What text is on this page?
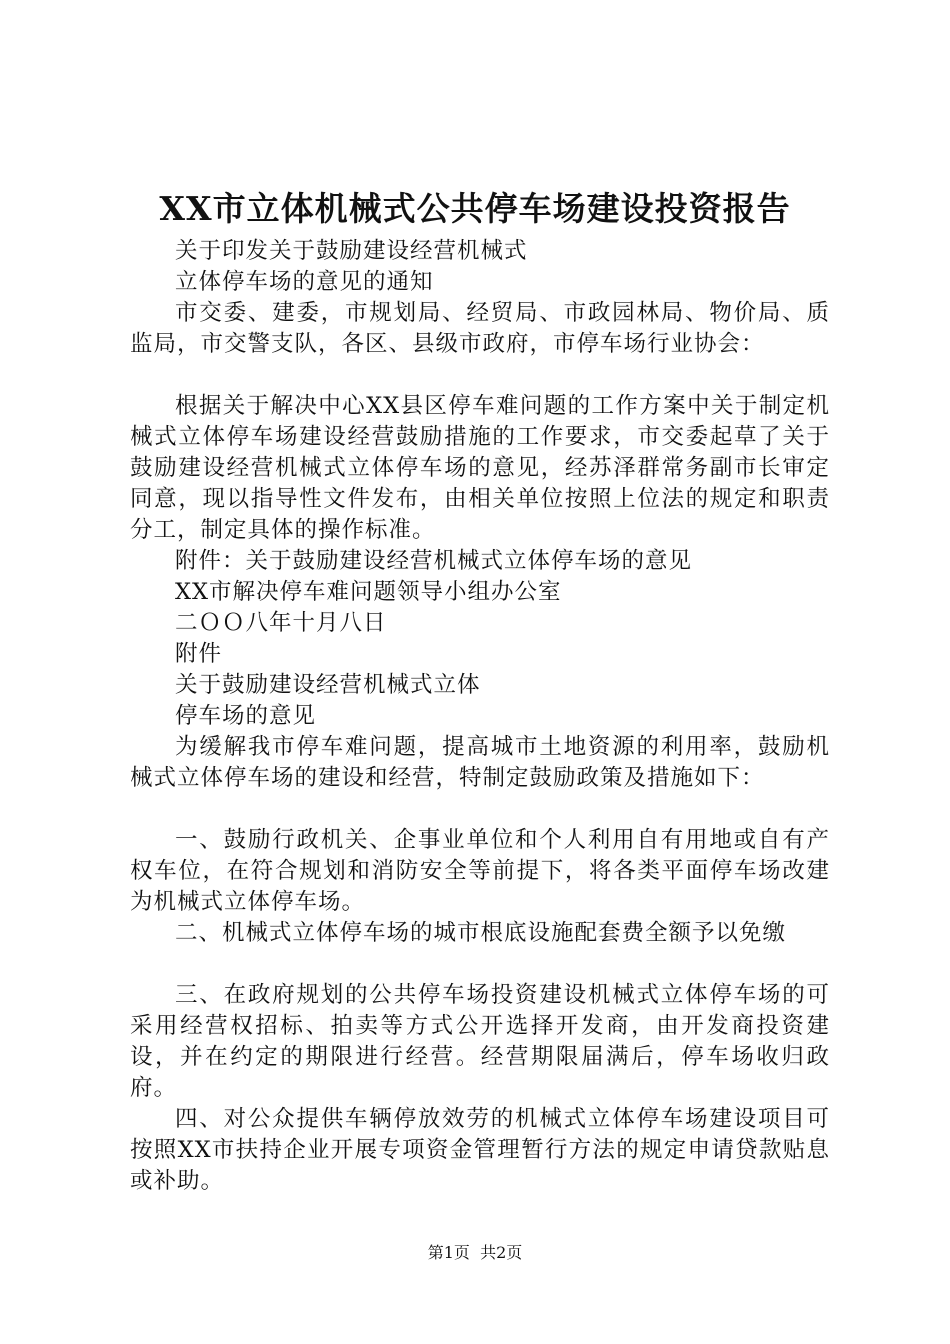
XX市立体机械式公共停车场建设投资报告

关于印发关于鼓励建设经营机械式

立体停车场的意见的通知

市交委、建委，市规划局、经贸局、市政园林局、物价局、质监局，市交警支队，各区、县级市政府，市停车场行业协会：

根据关于解决中心XX县区停车难问题的工作方案中关于制定机械式立体停车场建设经营鼓励措施的工作要求，市交委起草了关于鼓励建设经营机械式立体停车场的意见，经苏泽群常务副市长审定同意，现以指导性文件发布，由相关单位按照上位法的规定和职责分工，制定具体的操作标准。

附件：关于鼓励建设经营机械式立体停车场的意见

XX市解决停车难问题领导小组办公室

二ＯＯ八年十月八日

附件

关于鼓励建设经营机械式立体

停车场的意见

为缓解我市停车难问题，提高城市土地资源的利用率，鼓励机械式立体停车场的建设和经营，特制定鼓励政策及措施如下：

一、鼓励行政机关、企事业单位和个人利用自有用地或自有产权车位，在符合规划和消防安全等前提下，将各类平面停车场改建为机械式立体停车场。

二、机械式立体停车场的城市根底设施配套费全额予以免缴

三、在政府规划的公共停车场投资建设机械式立体停车场的可采用经营权招标、拍卖等方式公开选择开发商，由开发商投资建设，并在约定的期限进行经营。经营期限届满后，停车场收归政府。

四、对公众提供车辆停放效劳的机械式立体停车场建设项目可按照XX市扶持企业开展专项资金管理暂行方法的规定申请贷款贴息或补助。

第1页 共2页
